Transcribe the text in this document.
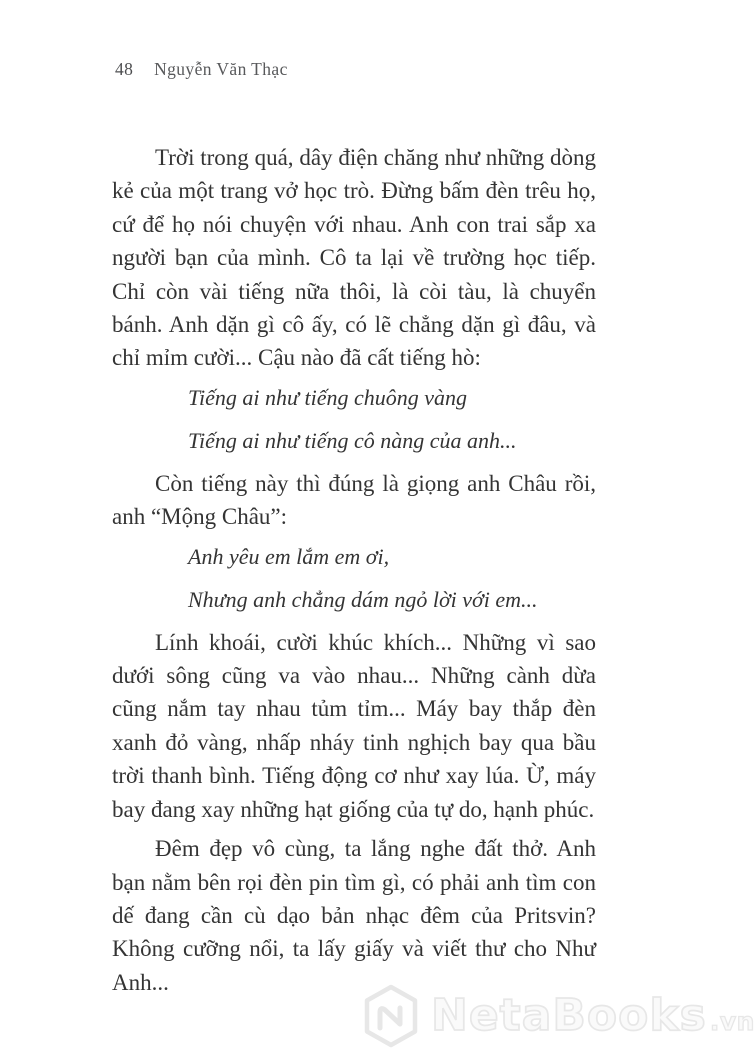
48 Nguyễn Văn Thạc

Trời trong quá, dây điện chăng như những dòng kẻ của một trang vở học trò. Đừng bấm đèn trêu họ, cứ để họ nói chuyện với nhau. Anh con trai sắp xa người bạn của mình. Cô ta lại về trường học tiếp. Chỉ còn vài tiếng nữa thôi, là còi tàu, là chuyển bánh. Anh dặn gì cô ấy, có lẽ chẳng dặn gì đâu, và chỉ mỉm cười... Cậu nào đã cất tiếng hò:

Tiếng ai như tiếng chuông vàng

Tiếng ai như tiếng cô nàng của anh...

Còn tiếng này thì đúng là giọng anh Châu rồi, anh “Mộng Châu”:

Anh yêu em lắm em ơi,

Nhưng anh chẳng dám ngỏ lời với em...

Lính khoái, cười khúc khích... Những vì sao dưới sông cũng va vào nhau... Những cành dừa cũng nắm tay nhau tủm tỉm... Máy bay thắp đèn xanh đỏ vàng, nhấp nháy tinh nghịch bay qua bầu trời thanh bình. Tiếng động cơ như xay lúa. Ừ, máy bay đang xay những hạt giống của tự do, hạnh phúc.

Đêm đẹp vô cùng, ta lắng nghe đất thở. Anh bạn nằm bên rọi đèn pin tìm gì, có phải anh tìm con dế đang cần cù dạo bản nhạc đêm của Pritsvin? Không cưỡng nổi, ta lấy giấy và viết thư cho Như Anh...

NetaBooks .vn
